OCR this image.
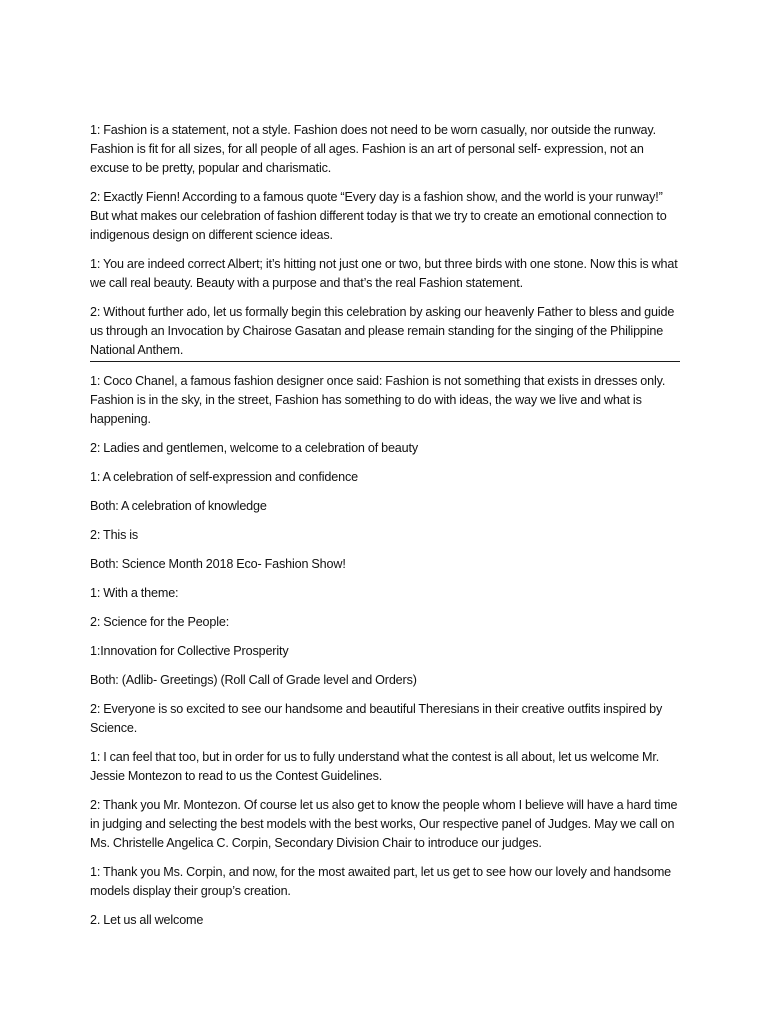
1: Fashion is a statement, not a style. Fashion does not need to be worn casually, nor outside the runway. Fashion is fit for all sizes, for all people of all ages. Fashion is an art of personal self- expression, not an excuse to be pretty, popular and charismatic.

2: Exactly Fienn! According to a famous quote “Every day is a fashion show, and the world is your runway!” But what makes our celebration of fashion different today is that we try to create an emotional connection to indigenous design on different science ideas.

1: You are indeed correct Albert; it’s hitting not just one or two, but three birds with one stone. Now this is what we call real beauty. Beauty with a purpose and that’s the real Fashion statement.

2: Without further ado, let us formally begin this celebration by asking our heavenly Father to bless and guide us through an Invocation by Chairose Gasatan and please remain standing for the singing of the Philippine National Anthem.

1: Coco Chanel, a famous fashion designer once said: Fashion is not something that exists in dresses only. Fashion is in the sky, in the street, Fashion has something to do with ideas, the way we live and what is happening.

2: Ladies and gentlemen, welcome to a celebration of beauty

1: A celebration of self-expression and confidence

Both: A celebration of knowledge

2: This is

Both: Science Month 2018 Eco- Fashion Show!

1: With a theme:

2: Science for the People:

1:Innovation for Collective Prosperity

Both: (Adlib- Greetings) (Roll Call of Grade level and Orders)

2: Everyone is so excited to see our handsome and beautiful Theresians in their creative outfits inspired by Science.

1: I can feel that too, but in order for us to fully understand what the contest is all about, let us welcome Mr. Jessie Montezon to read to us the Contest Guidelines.

2: Thank you Mr. Montezon. Of course let us also get to know the people whom I believe will have a hard time in judging and selecting the best models with the best works, Our respective panel of Judges. May we call on Ms. Christelle Angelica C. Corpin, Secondary Division Chair to introduce our judges.

1: Thank you Ms. Corpin, and now, for the most awaited part, let us get to see how our lovely and handsome models display their group’s creation.

2. Let us all welcome
